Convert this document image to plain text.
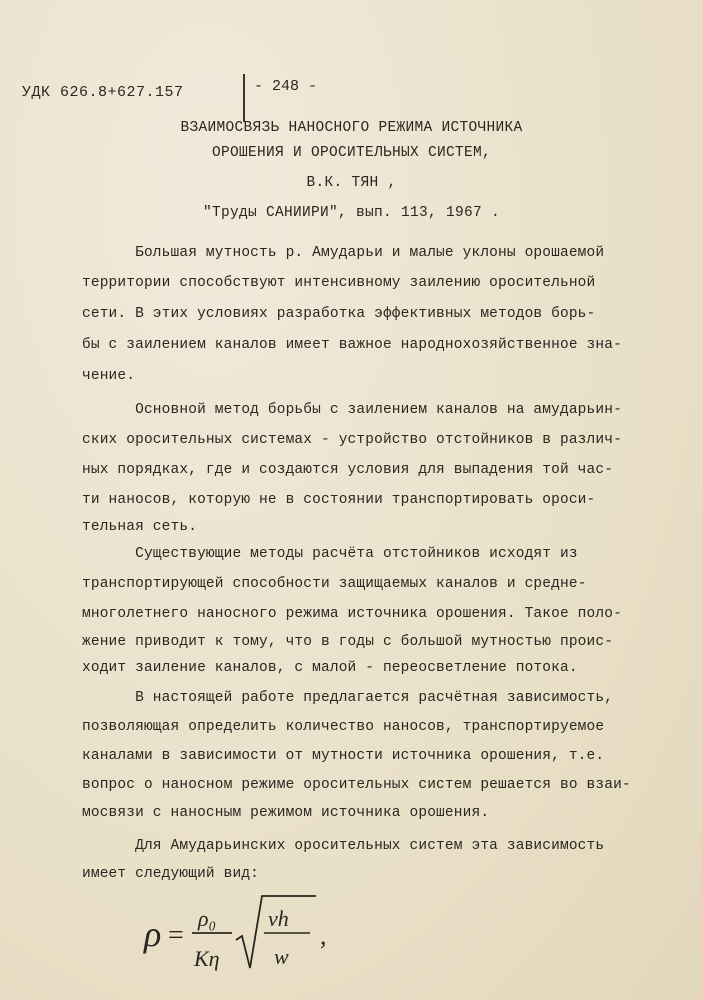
УДК 626.8+627.157	- 248 -
ВЗАИМОСВЯЗЬ НАНОСНОГО РЕЖИМА ИСТОЧНИКА
ОРОШЕНИЯ И ОРОСИТЕЛЬНЫХ СИСТЕМ,
В.К. ТЯН ,
"Труды САНИИРИ", вып. 113, 1967 .
Большая мутность р. Амударьи и малые уклоны орошаемой
территории способствуют интенсивному заилению оросительной
сети. В этих условиях разработка эффективных методов борь-
бы с заилением каналов имеет важное народнохозяйственное зна-
чение.
Основной метод борьбы с заилением каналов на амударьин-
ских оросительных системах - устройство отстойников в различ-
ных порядках, где и создаются условия для выпадения той час-
ти наносов, которую не в состоянии транспортировать ороси-
тельная сеть.
Существующие методы расчёта отстойников исходят из
транспортирующей способности защищаемых каналов и средне-
многолетнего наносного режима источника орошения. Такое поло-
жение приводит к тому, что в годы с большой мутностью проис-
ходит заиление каналов, с малой - переосветление потока.
В настоящей работе предлагается расчётная зависимость,
позволяющая определить количество наносов, транспортируемое
каналами в зависимости от мутности источника орошения, т.е.
вопрос о наносном режиме оросительных систем решается во взаи-
мосвязи с наносным режимом источника орошения.
Для Амударьинских оросительных систем эта зависимость
имеет следующий вид:
ρ =
ρ₀
Kη
vh
w
,
